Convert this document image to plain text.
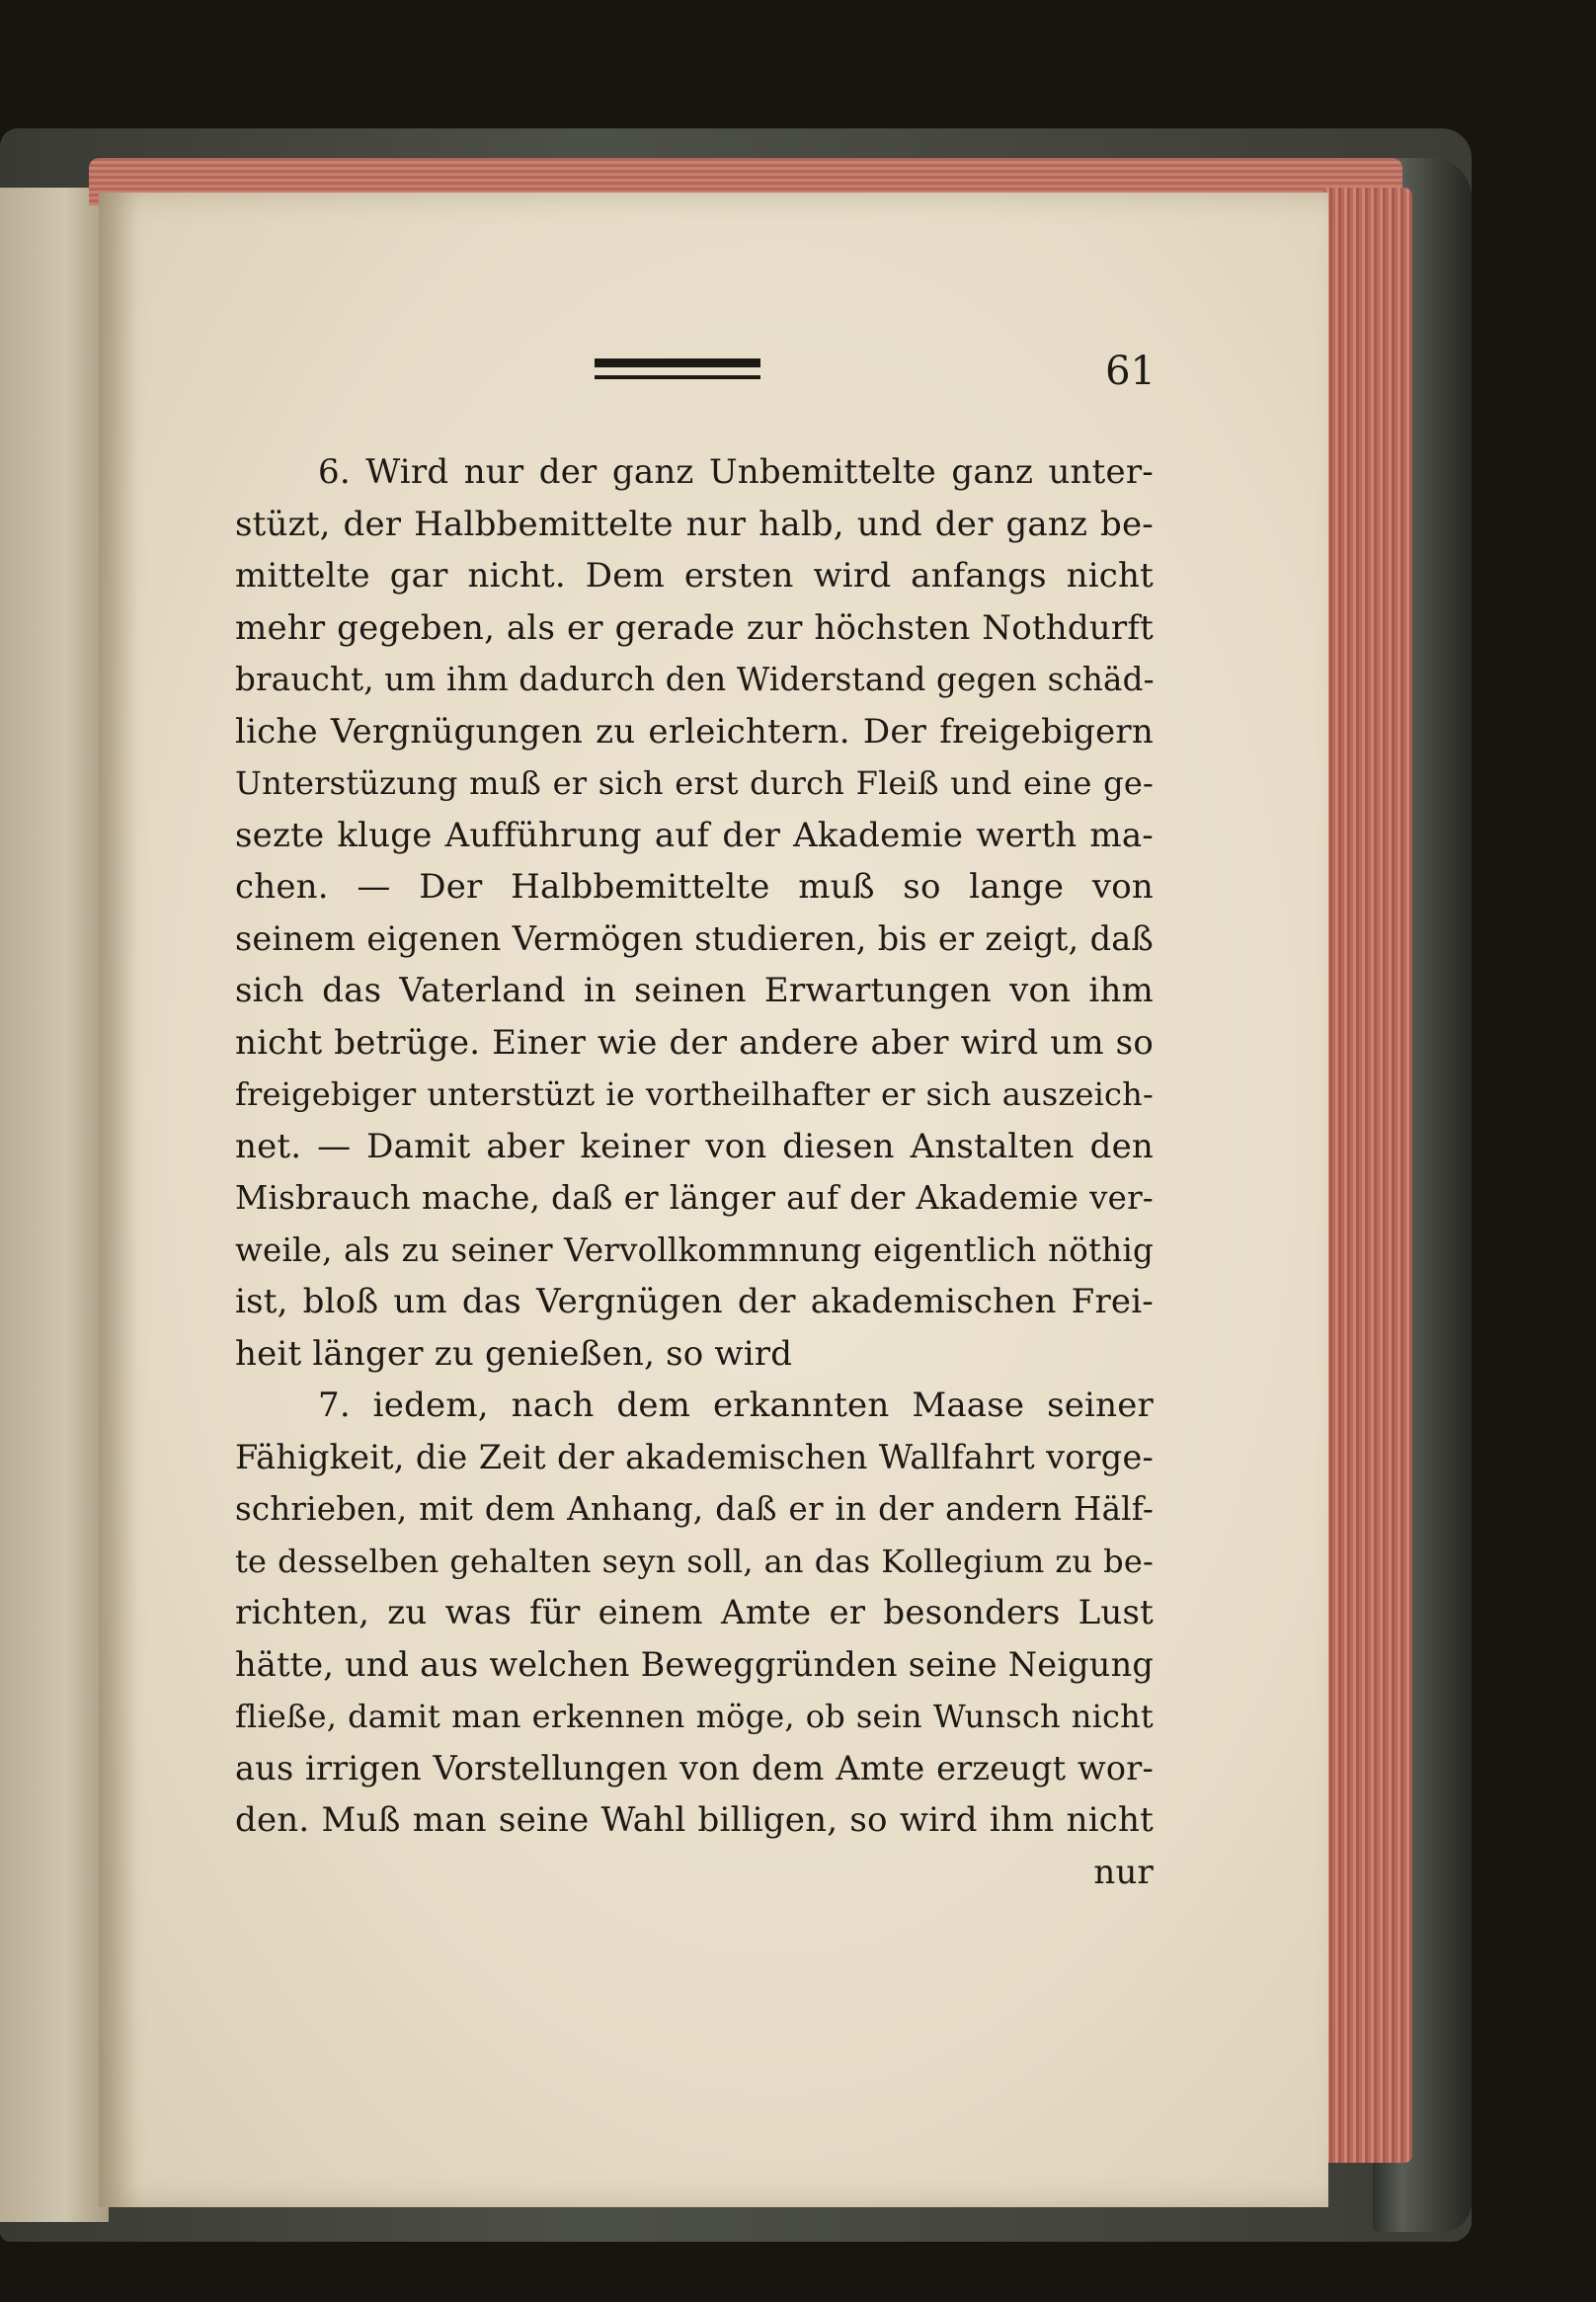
61
6. Wird nur der ganz Unbemittelte ganz unter-
stüzt, der Halbbemittelte nur halb, und der ganz be-
mittelte gar nicht. Dem ersten wird anfangs nicht
mehr gegeben, als er gerade zur höchsten Nothdurft
braucht, um ihm dadurch den Widerstand gegen schäd-
liche Vergnügungen zu erleichtern. Der freigebigern
Unterstüzung muß er sich erst durch Fleiß und eine ge-
sezte kluge Aufführung auf der Akademie werth ma-
chen. — Der Halbbemittelte muß so lange von
seinem eigenen Vermögen studieren, bis er zeigt, daß
sich das Vaterland in seinen Erwartungen von ihm
nicht betrüge. Einer wie der andere aber wird um so
freigebiger unterstüzt ie vortheilhafter er sich auszeich-
net. — Damit aber keiner von diesen Anstalten den
Misbrauch mache, daß er länger auf der Akademie ver-
weile, als zu seiner Vervollkommnung eigentlich nöthig
ist, bloß um das Vergnügen der akademischen Frei-
heit länger zu genießen, so wird
7. iedem, nach dem erkannten Maase seiner
Fähigkeit, die Zeit der akademischen Wallfahrt vorge-
schrieben, mit dem Anhang, daß er in der andern Hälf-
te desselben gehalten seyn soll, an das Kollegium zu be-
richten, zu was für einem Amte er besonders Lust
hätte, und aus welchen Beweggründen seine Neigung
fließe, damit man erkennen möge, ob sein Wunsch nicht
aus irrigen Vorstellungen von dem Amte erzeugt wor-
den. Muß man seine Wahl billigen, so wird ihm nicht
nur
